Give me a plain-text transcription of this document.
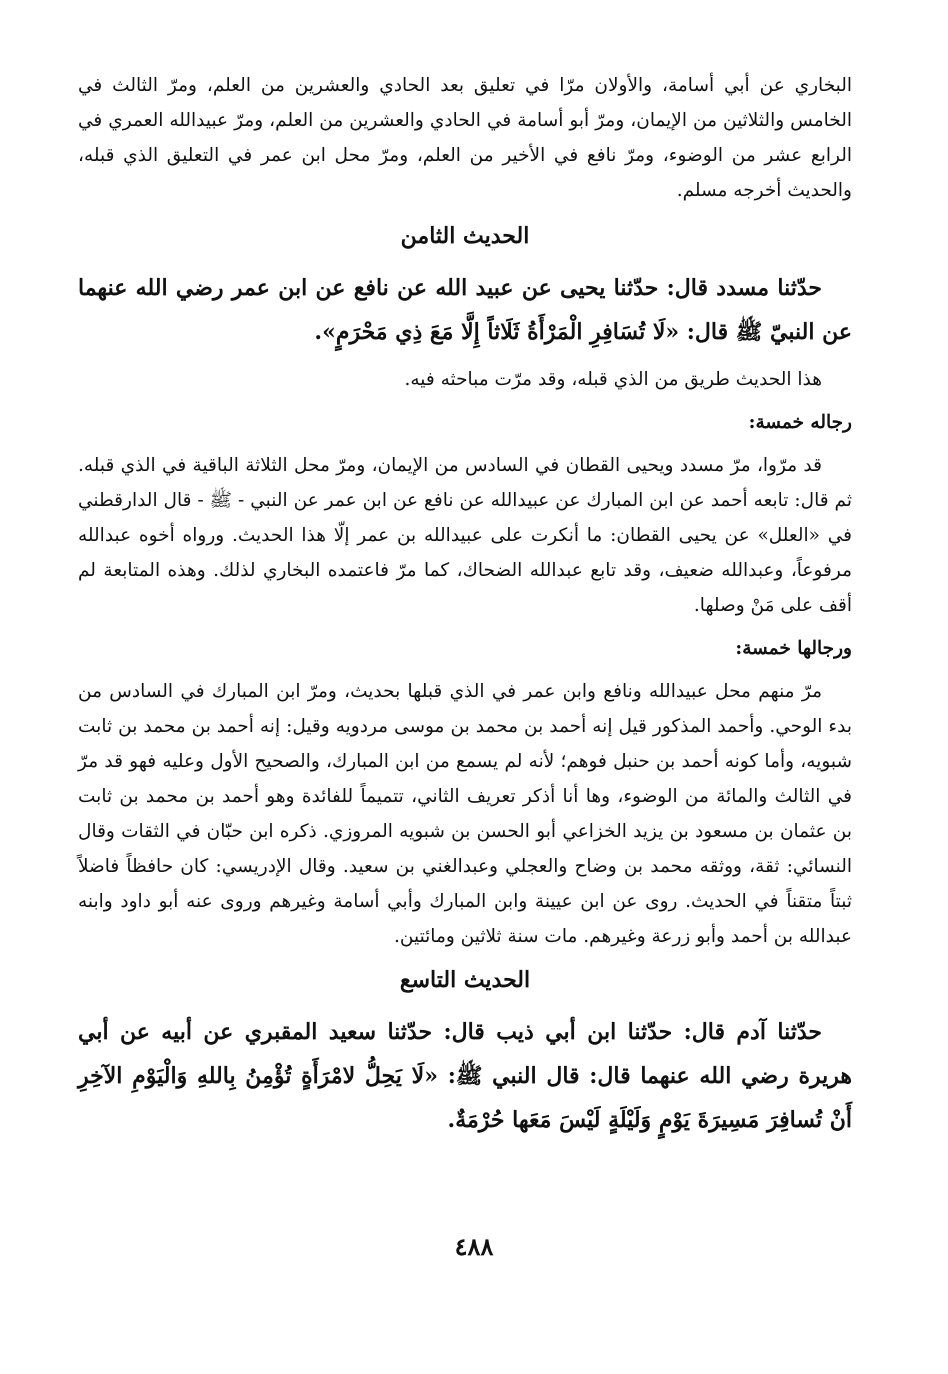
البخاري عن أبي أسامة، والأولان مرّا في تعليق بعد الحادي والعشرين من العلم، ومرّ الثالث في الخامس والثلاثين من الإيمان، ومرّ أبو أسامة في الحادي والعشرين من العلم، ومرّ عبيدالله العمري في الرابع عشر من الوضوء، ومرّ نافع في الأخير من العلم، ومرّ محل ابن عمر في التعليق الذي قبله، والحديث أخرجه مسلم.

الحديث الثامن

حدّثنا مسدد قال: حدّثنا يحيى عن عبيد الله عن نافع عن ابن عمر رضي الله عنهما عن النبيّ ﷺ قال: «لَا تُسَافِرِ الْمَرْأَةُ ثَلَاثاً إِلَّا مَعَ ذِي مَحْرَمٍ».

هذا الحديث طريق من الذي قبله، وقد مرّت مباحثه فيه.

رجاله خمسة:

قد مرّوا، مرّ مسدد ويحيى القطان في السادس من الإيمان، ومرّ محل الثلاثة الباقية في الذي قبله. ثم قال: تابعه أحمد عن ابن المبارك عن عبيدالله عن نافع عن ابن عمر عن النبي - ﷺ - قال الدارقطني في «العلل» عن يحيى القطان: ما أنكرت على عبيدالله بن عمر إلّا هذا الحديث. ورواه أخوه عبدالله مرفوعاً، وعبدالله ضعيف، وقد تابع عبدالله الضحاك، كما مرّ فاعتمده البخاري لذلك. وهذه المتابعة لم أقف على مَنْ وصلها.

ورجالها خمسة:

مرّ منهم محل عبيدالله ونافع وابن عمر في الذي قبلها بحديث، ومرّ ابن المبارك في السادس من بدء الوحي. وأحمد المذكور قيل إنه أحمد بن محمد بن موسى مردويه وقيل: إنه أحمد بن محمد بن ثابت شبويه، وأما كونه أحمد بن حنبل فوهم؛ لأنه لم يسمع من ابن المبارك، والصحيح الأول وعليه فهو قد مرّ في الثالث والمائة من الوضوء، وها أنا أذكر تعريف الثاني، تتميماً للفائدة وهو أحمد بن محمد بن ثابت بن عثمان بن مسعود بن يزيد الخزاعي أبو الحسن بن شبويه المروزي. ذكره ابن حبّان في الثقات وقال النسائي: ثقة، ووثقه محمد بن وضاح والعجلي وعبدالغني بن سعيد. وقال الإدريسي: كان حافظاً فاضلاً ثبتاً متقناً في الحديث. روى عن ابن عيينة وابن المبارك وأبي أسامة وغيرهم وروى عنه أبو داود وابنه عبدالله بن أحمد وأبو زرعة وغيرهم. مات سنة ثلاثين ومائتين.

الحديث التاسع

حدّثنا آدم قال: حدّثنا ابن أبي ذيب قال: حدّثنا سعيد المقبري عن أبيه عن أبي هريرة رضي الله عنهما قال: قال النبي ﷺ: «لَا يَحِلُّ لامْرَأَةٍ تُؤْمِنُ بِاللهِ وَالْيَوْمِ الآخِرِ أَنْ تُسافِرَ مَسِيرَةَ يَوْمٍ وَلَيْلَةٍ لَيْسَ مَعَها حُرْمَةٌ.

٤٨٨
